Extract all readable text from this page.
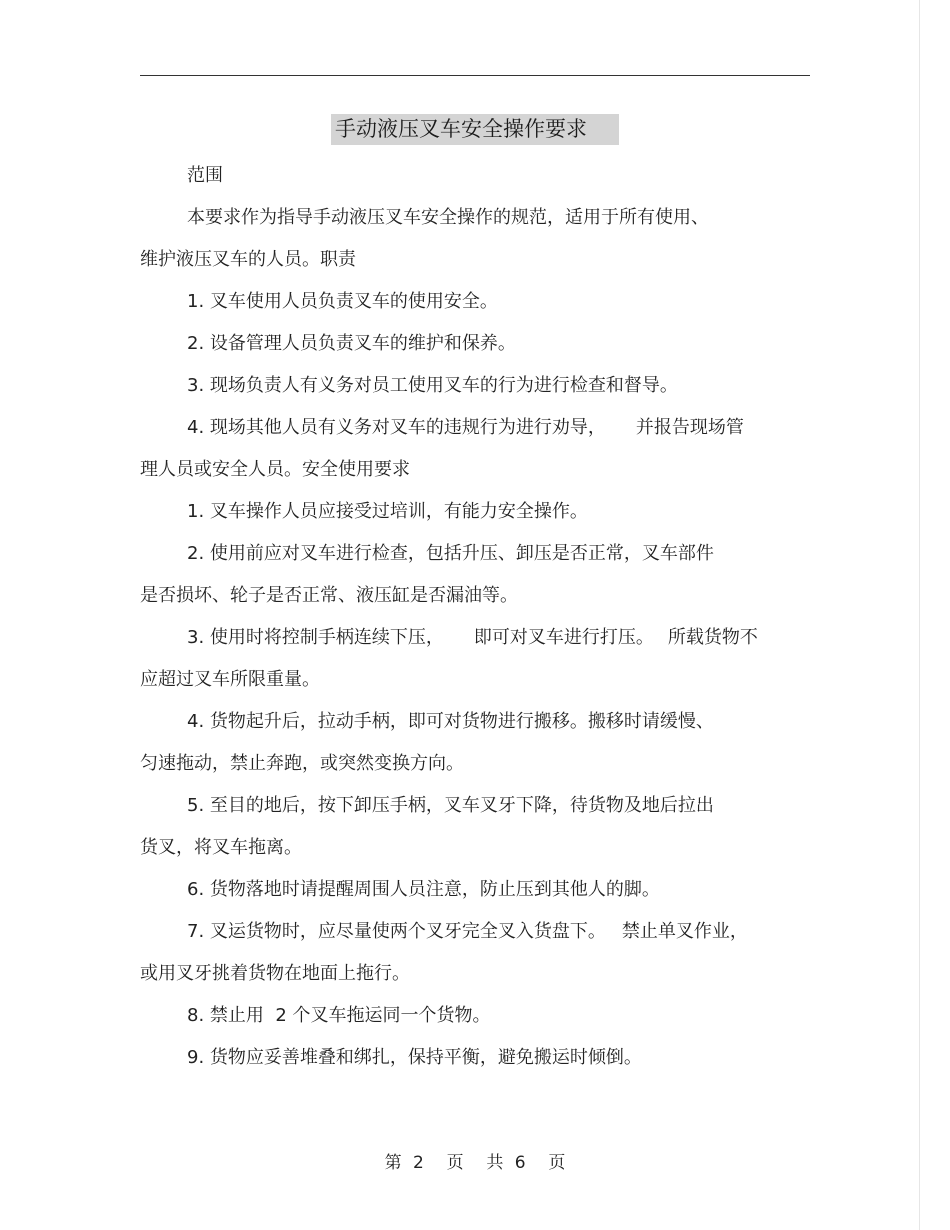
手动液压叉车安全操作要求

范围

本要求作为指导手动液压叉车安全操作的规范，适用于所有使用、

维护液压叉车的人员。职责

1. 叉车使用人员负责叉车的使用安全。

2. 设备管理人员负责叉车的维护和保养。

3. 现场负责人有义务对员工使用叉车的行为进行检查和督导。

4. 现场其他人员有义务对叉车的违规行为进行劝导， 并报告现场管

理人员或安全人员。安全使用要求

1. 叉车操作人员应接受过培训，有能力安全操作。

2. 使用前应对叉车进行检查，包括升压、卸压是否正常，叉车部件

是否损坏、轮子是否正常、液压缸是否漏油等。

3. 使用时将控制手柄连续下压， 即可对叉车进行打压。 所载货物不

应超过叉车所限重量。

4. 货物起升后，拉动手柄，即可对货物进行搬移。搬移时请缓慢、

匀速拖动，禁止奔跑，或突然变换方向。

5. 至目的地后，按下卸压手柄，叉车叉牙下降，待货物及地后拉出

货叉，将叉车拖离。

6. 货物落地时请提醒周围人员注意，防止压到其他人的脚。

7. 叉运货物时，应尽量使两个叉牙完全叉入货盘下。 禁止单叉作业，

或用叉牙挑着货物在地面上拖行。

8. 禁止用  2 个叉车拖运同一个货物。

9. 货物应妥善堆叠和绑扎，保持平衡，避免搬运时倾倒。

第 2  页  共 6  页
